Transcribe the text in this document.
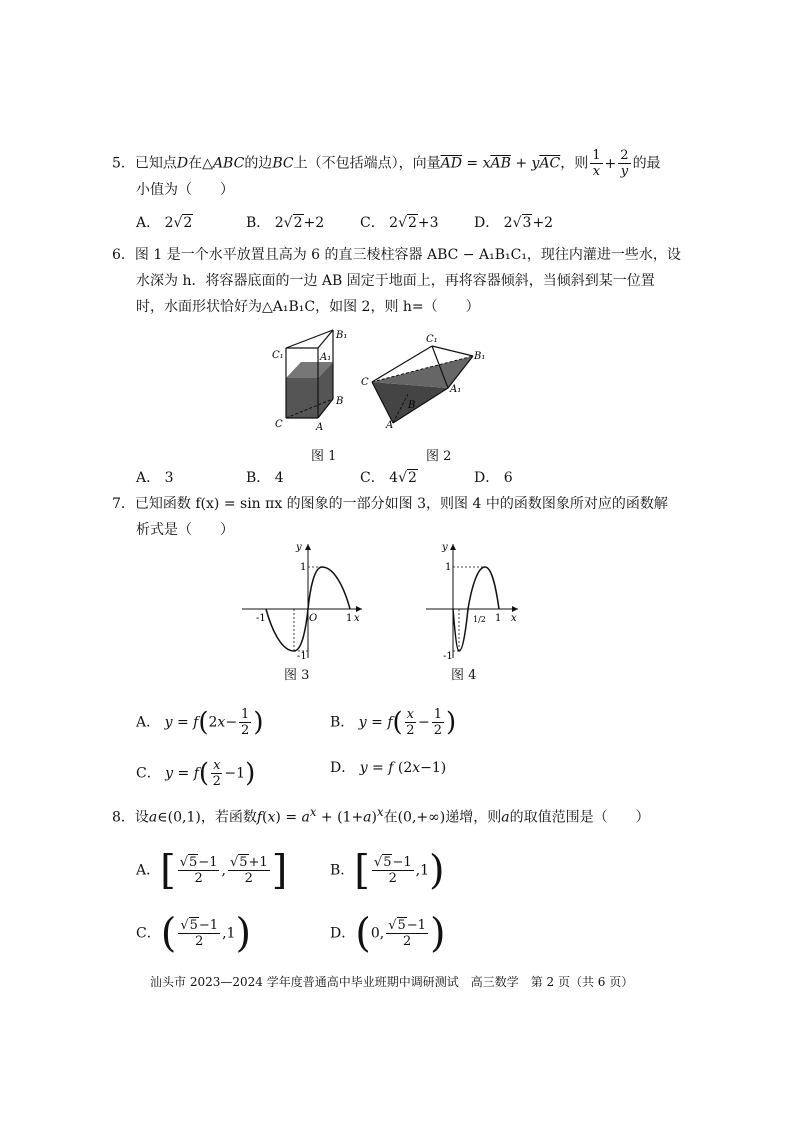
5．已知点D在△ABC的边BC上（不包括端点），向量$\overline{AD} = x\overline{AB} + y\overline{AC}$，则 $\frac{1}{x} + \frac{2}{y}$ 的最
小值为（　　）
A． 2√2	B． 2√2+2	C． 2√2+3	D． 2√3+2
6．图 1 是一个水平放置且高为 6 的直三棱柱容器 ABC − A₁B₁C₁，现往内灌进一些水，设
水深为 h．将容器底面的一边 AB 固定于地面上，再将容器倾斜，当倾斜到某一位置
时，水面形状恰好为△A₁B₁C，如图 2，则 h=（　　）
B₁
C₁	A₁
B
C	A
C₁
B₁
C
A₁
B
A
图 1	图 2
A． 3	B． 4	C． 4√2	D． 6
7．已知函数 f(x) = sin πx 的图象的一部分如图 3，则图 4 中的函数图象所对应的函数解
析式是（　　）
y
x
1
1
-1	O
-1
y
x
1
1
-1
1/2
图 3	图 4
A． $y = f(2x- \frac{1}{2}$ )	B． $y = f( \frac{x}{2} - \frac{1}{2}$ )
C． $y = f( \frac{x}{2} -1)$	D． y = f (2x−1)
8．设a∈(0,1)，若函数$f(x) = a^x + (1+a)^x$在(0,+∞)递增，则a的取值范围是（　　）
A．[ $\frac{√5-1}{2}$ , $\frac{√5+1}{2}$ ]	B．[ $\frac{√5-1}{2} ,1$)
C．( $\frac{√5-1}{2} ,1$)	D．(0, $\frac{√5-1}{2}$ )
汕头市 2023—2024 学年度普通高中毕业班期中调研测试　高三数学　第 2 页（共 6 页）
